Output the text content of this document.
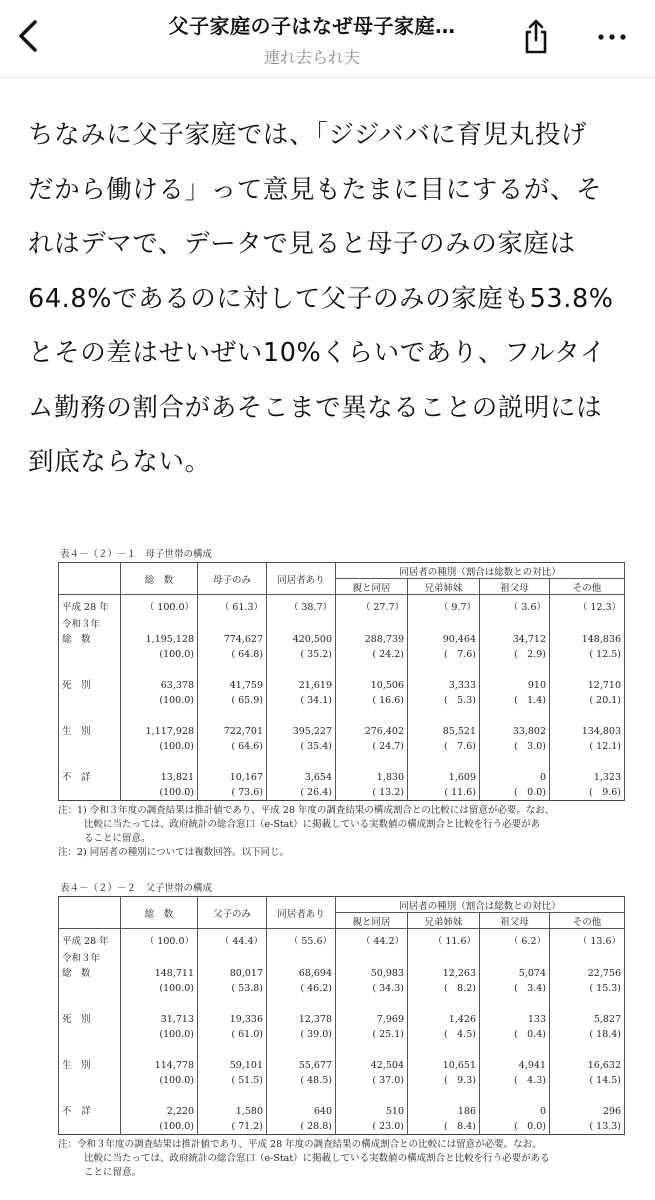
父子家庭の子はなぜ母子家庭…
連れ去られ夫
ちなみに父子家庭では、「ジジババに育児丸投げ
だから働ける」って意見もたまに目にするが、そ
れはデマで、データで見ると母子のみの家庭は
64.8%であるのに対して父子のみの家庭も53.8%
とその差はせいぜい10%くらいであり、フルタイ
ム勤務の割合があそこまで異なることの説明には
到底ならない。
表４－（２）－１　母子世帯の構成
	総　数	母子のみ	同居者あり	同居者の種別（割合は総数との対比）			
				親と同居	兄弟姉妹	祖父母	その他
平成 28 年	（ 100.0）	（ 61.3）	（ 38.7）	（ 27.7）	（ 9.7）	（ 3.6）	（ 12.3）
令和３年							
総　数	1,195,128	774,627	420,500	288,739	90,464	34,712	148,836
	(100.0)	( 64.8)	( 35.2)	( 24.2)	(　7.6)	(　2.9)	( 12.5)

死　別	63,378	41,759	21,619	10,506	3,333	910	12,710
	(100.0)	( 65.9)	( 34.1)	( 16.6)	(　5.3)	(　1.4)	( 20.1)

生　別	1,117,928	722,701	395,227	276,402	85,521	33,802	134,803
	(100.0)	( 64.6)	( 35.4)	( 24.7)	(　7.6)	(　3.0)	( 12.1)

不　詳	13,821	10,167	3,654	1,830	1,609	0	1,323
	(100.0)	( 73.6)	( 26.4)	( 13.2)	( 11.6)	(　0.0)	(　9.6)
注：1) 令和３年度の調査結果は推計値であり、平成 28 年度の調査結果の構成割合との比較には留意が必要。なお、
比較に当たっては、政府統計の総合窓口（e-Stat）に掲載している実数値の構成割合と比較を行う必要があ
ることに留意。
注：2) 同居者の種別については複数回答。以下同じ。
表４－（２）－２　父子世帯の構成
	総　数	父子のみ	同居者あり	同居者の種別（割合は総数との対比）			
				親と同居	兄弟姉妹	祖父母	その他
平成 28 年	（ 100.0）	（ 44.4）	（ 55.6）	（ 44.2）	（ 11.6）	（ 6.2）	（ 13.6）
令和３年							
総　数	148,711	80,017	68,694	50,983	12,263	5,074	22,756
	(100.0)	( 53.8)	( 46.2)	( 34.3)	(　8.2)	(　3.4)	( 15.3)

死　別	31,713	19,336	12,378	7,969	1,426	133	5,827
	(100.0)	( 61.0)	( 39.0)	( 25.1)	(　4.5)	(　0.4)	( 18.4)

生　別	114,778	59,101	55,677	42,504	10,651	4,941	16,632
	(100.0)	( 51.5)	( 48.5)	( 37.0)	(　9.3)	(　4.3)	( 14.5)

不　詳	2,220	1,580	640	510	186	0	296
	(100.0)	( 71.2)	( 28.8)	( 23.0)	(　8.4)	(　0.0)	( 13.3)
注：令和３年度の調査結果は推計値であり、平成 28 年度の調査結果の構成割合との比較には留意が必要。なお、
比較に当たっては、政府統計の総合窓口（e-Stat）に掲載している実数値の構成割合と比較を行う必要がある
ことに留意。
